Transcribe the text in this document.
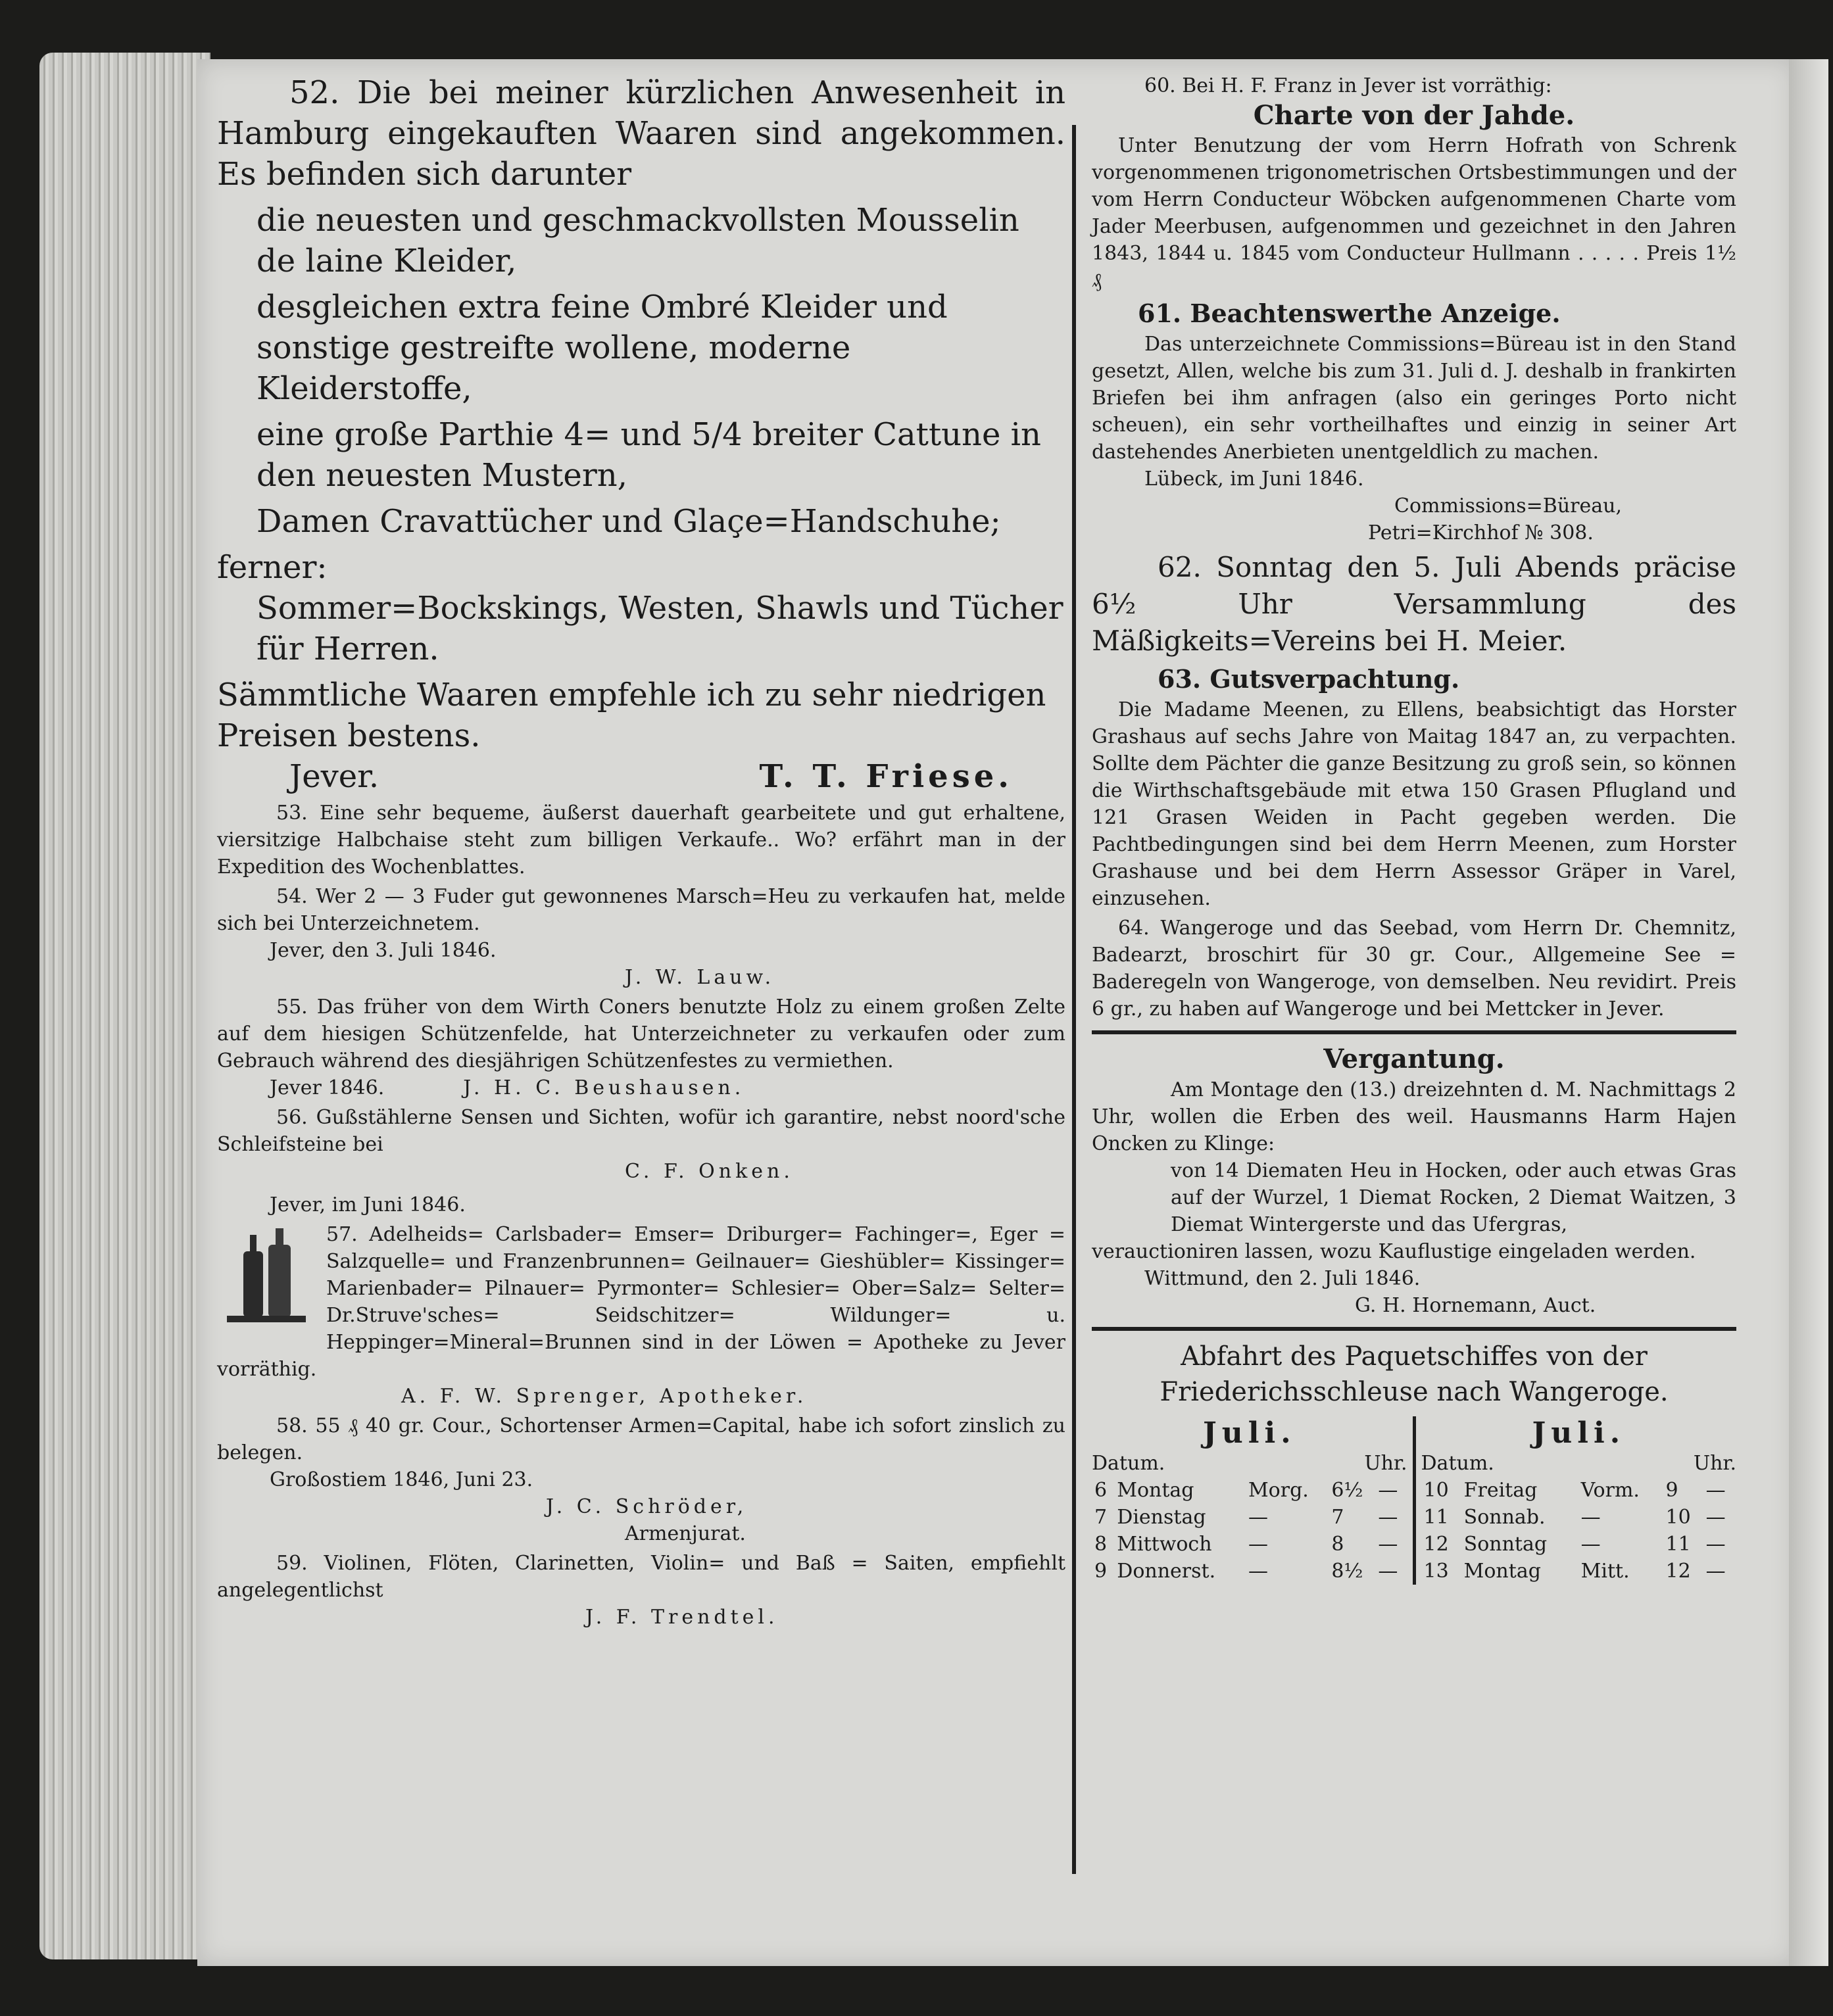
52. Die bei meiner kürzlichen Anwesenheit in Hamburg eingekauften Waaren sind angekommen. Es befinden sich darunter

die neuesten und geschmackvollsten Mousselin de laine Kleider,

desgleichen extra feine Ombré Kleider und sonstige gestreifte wollene, moderne Kleiderstoffe,

eine große Parthie 4= und 5/4 breiter Cattune in den neuesten Mustern,

Damen Cravattücher und Glaçe=Handschuhe;

ferner:

Sommer=Bockskings, Westen, Shawls und Tücher für Herren.

Sämmtliche Waaren empfehle ich zu sehr niedrigen Preisen bestens.

Jever.	T. T. Friese.

53. Eine sehr bequeme, äußerst dauerhaft gearbeitete und gut erhaltene, viersitzige Halbchaise steht zum billigen Verkaufe.. Wo? erfährt man in der Expedition des Wochenblattes.

54. Wer 2 — 3 Fuder gut gewonnenes Marsch=Heu zu verkaufen hat, melde sich bei Unterzeichnetem.

Jever, den 3. Juli 1846.

J. W. Lauw.

55. Das früher von dem Wirth Coners benutzte Holz zu einem großen Zelte auf dem hiesigen Schützenfelde, hat Unterzeichneter zu verkaufen oder zum Gebrauch während des diesjährigen Schützenfestes zu vermiethen.

Jever 1846.	J. H. C. Beushausen.

56. Gußstählerne Sensen und Sichten, wofür ich garantire, nebst noord'sche Schleifsteine bei

C. F. Onken.

Jever, im Juni 1846.

57. Adelheids= Carlsbader= Emser= Driburger= Fachinger=, Eger = Salzquelle= und Franzenbrunnen= Geilnauer= Gieshübler= Kissinger= Marienbader= Pilnauer= Pyrmonter= Schlesier= Ober=Salz= Selter= Dr.Struve'sches= Seidschitzer= Wildunger= u. Heppinger=Mineral=Brunnen sind in der Löwen = Apotheke zu Jever vorräthig.

A. F. W. Sprenger, Apotheker.

58. 55 ₰ 40 gr. Cour., Schortenser Armen=Capital, habe ich sofort zinslich zu belegen.

Großostiem 1846, Juni 23.

J. C. Schröder,

Armenjurat.

59. Violinen, Flöten, Clarinetten, Violin= und Baß = Saiten, empfiehlt angelegentlichst

J. F. Trendtel.

60. Bei H. F. Franz in Jever ist vorräthig:

Charte von der Jahde.

Unter Benutzung der vom Herrn Hofrath von Schrenk vorgenommenen trigonometrischen Ortsbestimmungen und der vom Herrn Conducteur Wöbcken aufgenommenen Charte vom Jader Meerbusen, aufgenommen und gezeichnet in den Jahren 1843, 1844 u. 1845 vom Conducteur Hullmann . . . . . Preis 1½ ₰

61. Beachtenswerthe Anzeige.

Das unterzeichnete Commissions=Büreau ist in den Stand gesetzt, Allen, welche bis zum 31. Juli d. J. deshalb in frankirten Briefen bei ihm anfragen (also ein geringes Porto nicht scheuen), ein sehr vortheilhaftes und einzig in seiner Art dastehendes Anerbieten unentgeldlich zu machen.

Lübeck, im Juni 1846.

Commissions=Büreau,

Petri=Kirchhof № 308.

62. Sonntag den 5. Juli Abends präcise 6½ Uhr Versammlung des Mäßigkeits=Vereins bei H. Meier.

63. Gutsverpachtung.

Die Madame Meenen, zu Ellens, beabsichtigt das Horster Grashaus auf sechs Jahre von Maitag 1847 an, zu verpachten. Sollte dem Pächter die ganze Besitzung zu groß sein, so können die Wirthschaftsgebäude mit etwa 150 Grasen Pflugland und 121 Grasen Weiden in Pacht gegeben werden. Die Pachtbedingungen sind bei dem Herrn Meenen, zum Horster Grashause und bei dem Herrn Assessor Gräper in Varel, einzusehen.

64. Wangeroge und das Seebad, vom Herrn Dr. Chemnitz, Badearzt, broschirt für 30 gr. Cour., Allgemeine See = Baderegeln von Wangeroge, von demselben. Neu revidirt. Preis 6 gr., zu haben auf Wangeroge und bei Mettcker in Jever.

Vergantung.

Am Montage den (13.) dreizehnten d. M. Nachmittags 2 Uhr, wollen die Erben des weil. Hausmanns Harm Hajen Oncken zu Klinge:

von 14 Diematen Heu in Hocken, oder auch etwas Gras auf der Wurzel, 1 Diemat Rocken, 2 Diemat Waitzen, 3 Diemat Wintergerste und das Ufergras,

verauctioniren lassen, wozu Kauflustige eingeladen werden.

Wittmund, den 2. Juli 1846.

G. H. Hornemann, Auct.

Abfahrt des Paquetschiffes von der Friederichsschleuse nach Wangeroge.

Juli.
Datum.	Uhr.
6	Montag	Morg.	6½	—
7	Dienstag	—	7	—
8	Mittwoch	—	8	—
9	Donnerst.	—	8½	—
Juli.
Datum.	Uhr.
10	Freitag	Vorm.	9	—
11	Sonnab.	—	10	—
12	Sonntag	—	11	—
13	Montag	Mitt.	12	—
